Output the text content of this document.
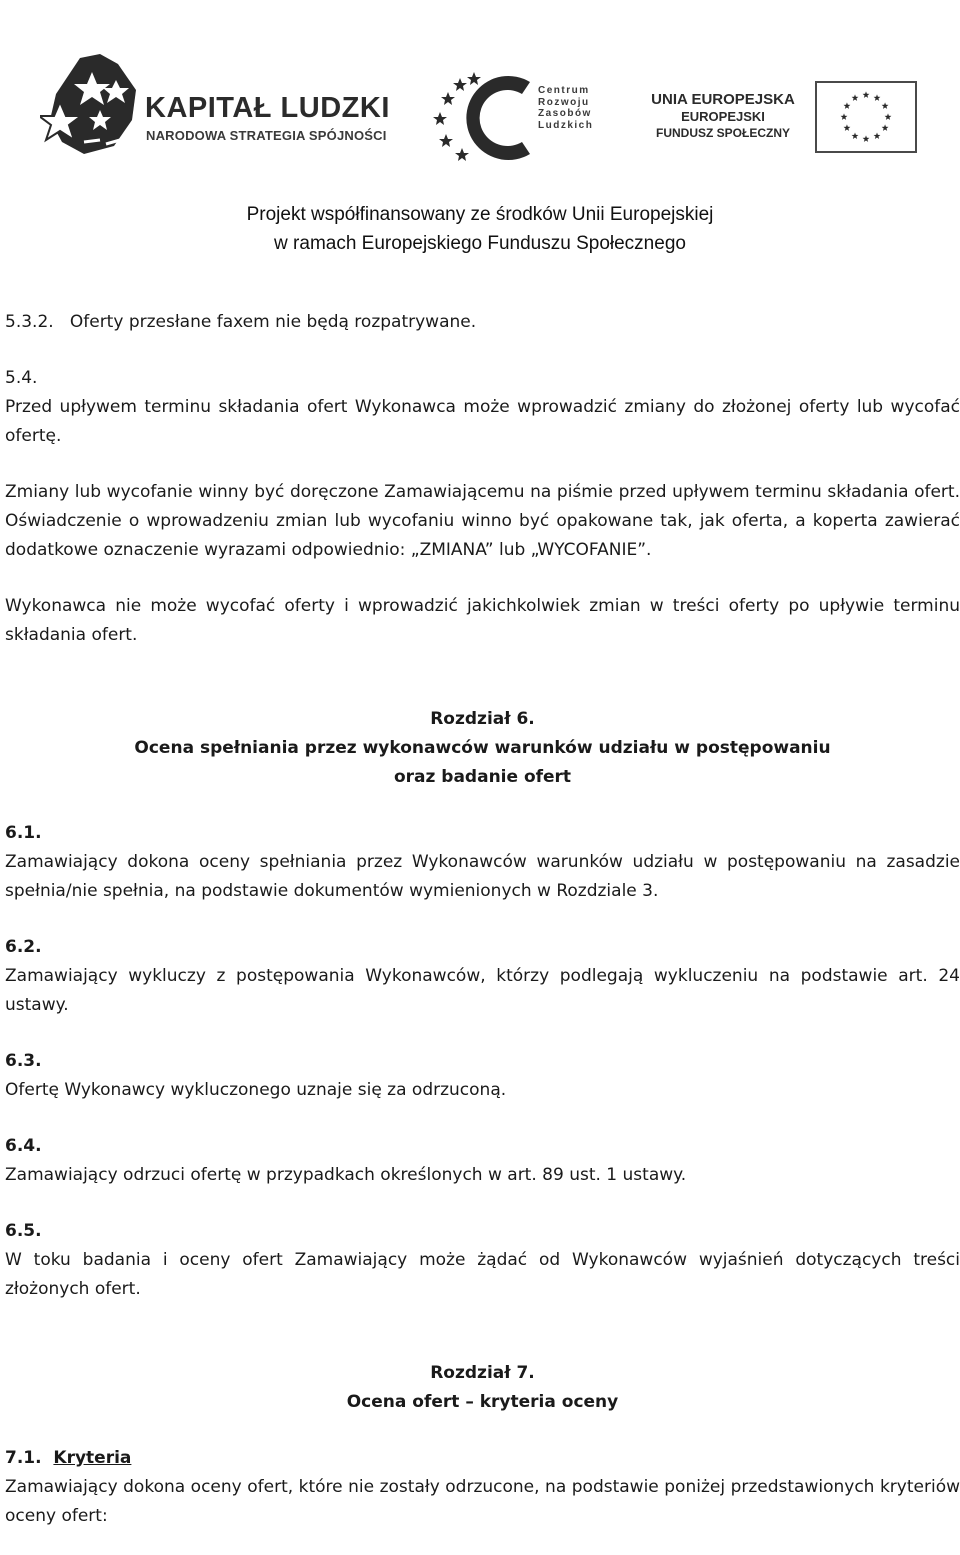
KAPITAŁ LUDZKI
NARODOWA STRATEGIA SPÓJNOŚCI
Centrum
Rozwoju
Zasobów
Ludzkich
UNIA EUROPEJSKA
EUROPEJSKI
FUNDUSZ SPOŁECZNY
Projekt współfinansowany ze środków Unii Europejskiej
w ramach Europejskiego Funduszu Społecznego

5.3.2.   Oferty przesłane faxem nie będą rozpatrywane.

5.4.

Przed upływem terminu składania ofert Wykonawca może wprowadzić zmiany do złożonej oferty lub wycofać ofertę.

Zmiany lub wycofanie winny być doręczone Zamawiającemu na piśmie przed upływem terminu składania ofert. Oświadczenie o wprowadzeniu zmian lub wycofaniu winno być opakowane tak, jak oferta, a koperta zawierać dodatkowe oznaczenie wyrazami odpowiednio: „ZMIANA” lub „WYCOFANIE”.

Wykonawca nie może wycofać oferty i wprowadzić jakichkolwiek zmian w treści oferty po upływie terminu składania ofert.

Rozdział 6.

Ocena spełniania przez wykonawców warunków udziału w postępowaniu

oraz badanie ofert

6.1.

Zamawiający dokona oceny spełniania przez Wykonawców warunków udziału w postępowaniu na zasadzie spełnia/nie spełnia, na podstawie dokumentów wymienionych w Rozdziale 3.

6.2.

Zamawiający wykluczy z postępowania Wykonawców, którzy podlegają wykluczeniu na podstawie art. 24 ustawy.

6.3.

Ofertę Wykonawcy wykluczonego uznaje się za odrzuconą.

6.4.

Zamawiający odrzuci ofertę w przypadkach określonych w art. 89 ust. 1 ustawy.

6.5.

W toku badania i oceny ofert Zamawiający może żądać od Wykonawców wyjaśnień dotyczących treści złożonych ofert.

Rozdział 7.

Ocena ofert – kryteria oceny

7.1. Kryteria

Zamawiający dokona oceny ofert, które nie zostały odrzucone, na podstawie poniżej przedstawionych kryteriów oceny ofert:
